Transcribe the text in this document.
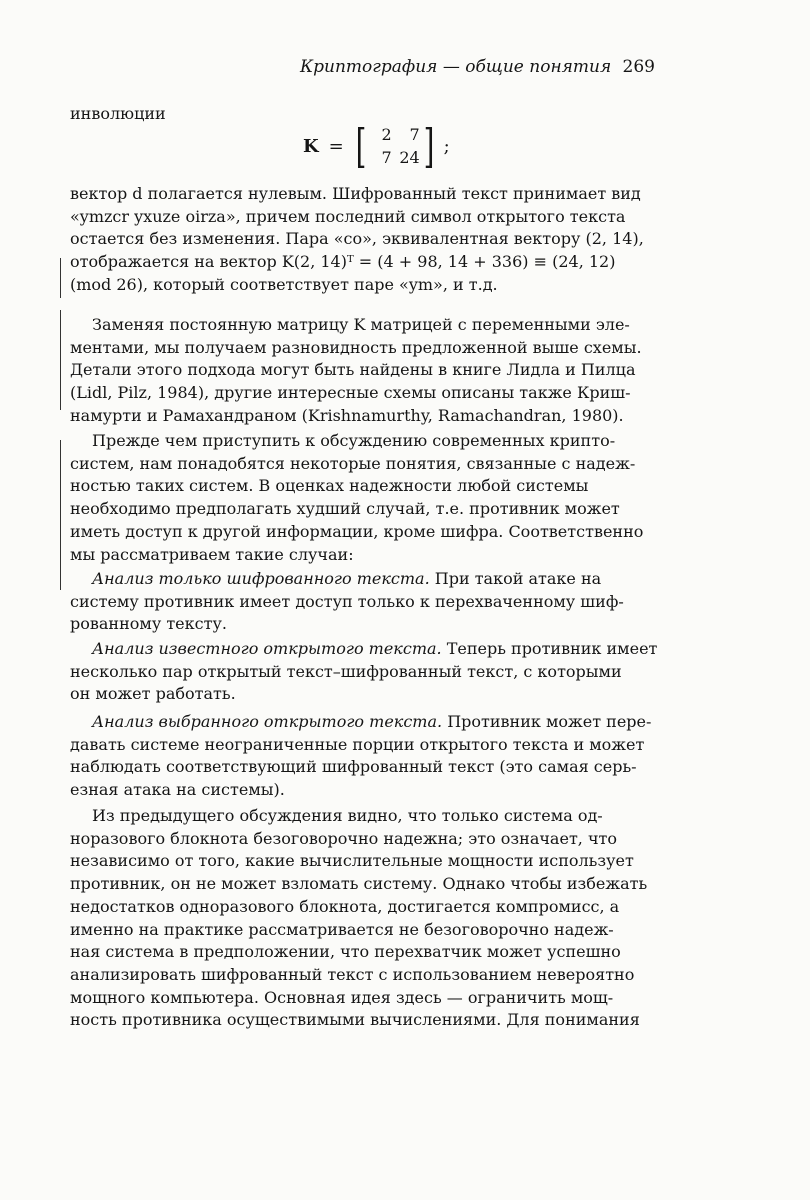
Криптография — общие понятия 269
инволюции
K = [ 2	7
7 24 ] ;

вектор d полагается нулевым. Шифрованный текст принимает вид
«ymzcr yxuze oirza», причем последний символ открытого текста
остается без изменения. Пара «co», эквивалентная вектору (2, 14),
отображается на вектор K(2, 14)ᵀ = (4 + 98, 14 + 336) ≡ (24, 12)
(mod 26), который соответствует паре «ym», и т.д.

Заменяя постоянную матрицу K матрицей с переменными эле-
ментами, мы получаем разновидность предложенной выше схемы.
Детали этого подхода могут быть найдены в книге Лидла и Пилца
(Lidl, Pilz, 1984), другие интересные схемы описаны также Криш-
намурти и Рамахандраном (Krishnamurthy, Ramachandran, 1980).

Прежде чем приступить к обсуждению современных крипто-
систем, нам понадобятся некоторые понятия, связанные с надеж-
ностью таких систем. В оценках надежности любой системы
необходимо предполагать худший случай, т.е. противник может
иметь доступ к другой информации, кроме шифра. Соответственно
мы рассматриваем такие случаи:

Анализ только шифрованного текста. При такой атаке на
систему противник имеет доступ только к перехваченному шиф-
рованному тексту.

Анализ известного открытого текста. Теперь противник имеет
несколько пар открытый текст–шифрованный текст, с которыми
он может работать.

Анализ выбранного открытого текста. Противник может пере-
давать системе неограниченные порции открытого текста и может
наблюдать соответствующий шифрованный текст (это самая серь-
езная атака на системы).

Из предыдущего обсуждения видно, что только система од-
норазового блокнота безоговорочно надежна; это означает, что
независимо от того, какие вычислительные мощности использует
противник, он не может взломать систему. Однако чтобы избежать
недостатков одноразового блокнота, достигается компромисс, а
именно на практике рассматривается не безоговорочно надеж-
ная система в предположении, что перехватчик может успешно
анализировать шифрованный текст с использованием невероятно
мощного компьютера. Основная идея здесь — ограничить мощ-
ность противника осуществимыми вычислениями. Для понимания
